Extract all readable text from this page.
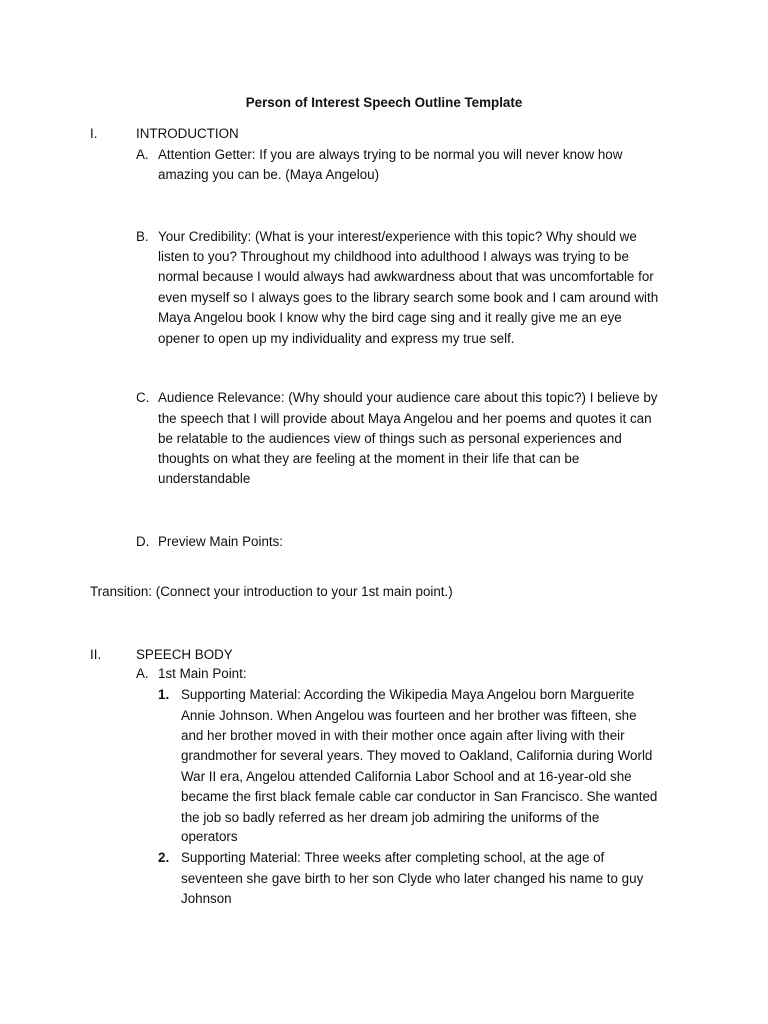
Person of Interest Speech Outline Template
I.	INTRODUCTION
A. Attention Getter: If you are always trying to be normal you will never know how
amazing you can be. (Maya Angelou)
B. Your Credibility: (What is your interest/experience with this topic? Why should we
listen to you? Throughout my childhood into adulthood I always was trying to be
normal because I would always had awkwardness about that was uncomfortable for
even myself so I always goes to the library search some book and I cam around with
Maya Angelou book I know why the bird cage sing and it really give me an eye
opener to open up my individuality and express my true self.
C. Audience Relevance: (Why should your audience care about this topic?) I believe by
the speech that I will provide about Maya Angelou and her poems and quotes it can
be relatable to the audiences view of things such as personal experiences and
thoughts on what they are feeling at the moment in their life that can be
understandable
D. Preview Main Points:
Transition: (Connect your introduction to your 1st main point.)
II.	SPEECH BODY
A. 1st Main Point:
1. Supporting Material: According the Wikipedia Maya Angelou born Marguerite
Annie Johnson. When Angelou was fourteen and her brother was fifteen, she
and her brother moved in with their mother once again after living with their
grandmother for several years. They moved to Oakland, California during World
War II era, Angelou attended California Labor School and at 16-year-old she
became the first black female cable car conductor in San Francisco. She wanted
the job so badly referred as her dream job admiring the uniforms of the
operators
2. Supporting Material: Three weeks after completing school, at the age of
seventeen she gave birth to her son Clyde who later changed his name to guy
Johnson
